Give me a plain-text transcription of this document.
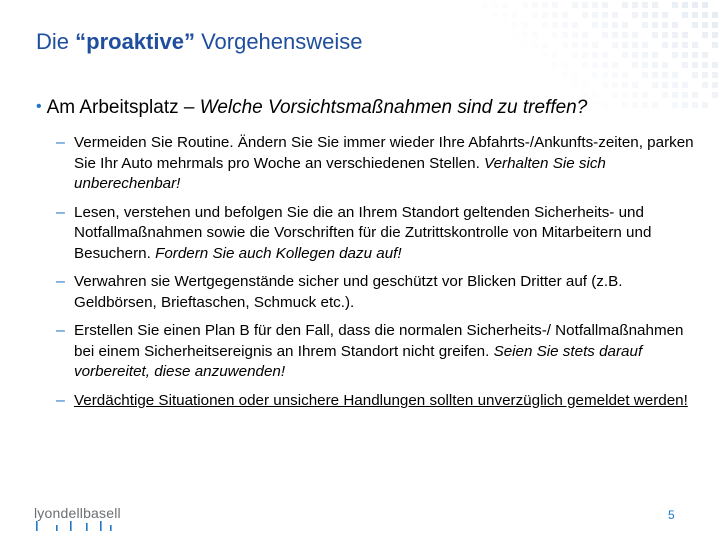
Die “proaktive” Vorgehensweise
• Am Arbeitsplatz – Welche Vorsichtsmaßnahmen sind zu treffen?
– Vermeiden Sie Routine. Ändern Sie Sie immer wieder Ihre Abfahrts-/Ankunfts-zeiten, parken Sie Ihr Auto mehrmals pro Woche an verschiedenen Stellen. Verhalten Sie sich unberechenbar!
– Lesen, verstehen und befolgen Sie die an Ihrem Standort geltenden Sicherheits- und Notfallmaßnahmen sowie die Vorschriften für die Zutrittskontrolle von Mitarbeitern und Besuchern. Fordern Sie auch Kollegen dazu auf!
– Verwahren sie Wertgegenstände sicher und geschützt vor Blicken Dritter auf (z.B. Geldbörsen, Brieftaschen, Schmuck etc.).
– Erstellen Sie einen Plan B für den Fall, dass die normalen Sicherheits-/ Notfallmaßnahmen bei einem Sicherheitsereignis an Ihrem Standort nicht greifen. Seien Sie stets darauf vorbereitet, diese anzuwenden!
– Verdächtige Situationen oder unsichere Handlungen sollten unverzüglich gemeldet werden!
lyondellbasell	5
